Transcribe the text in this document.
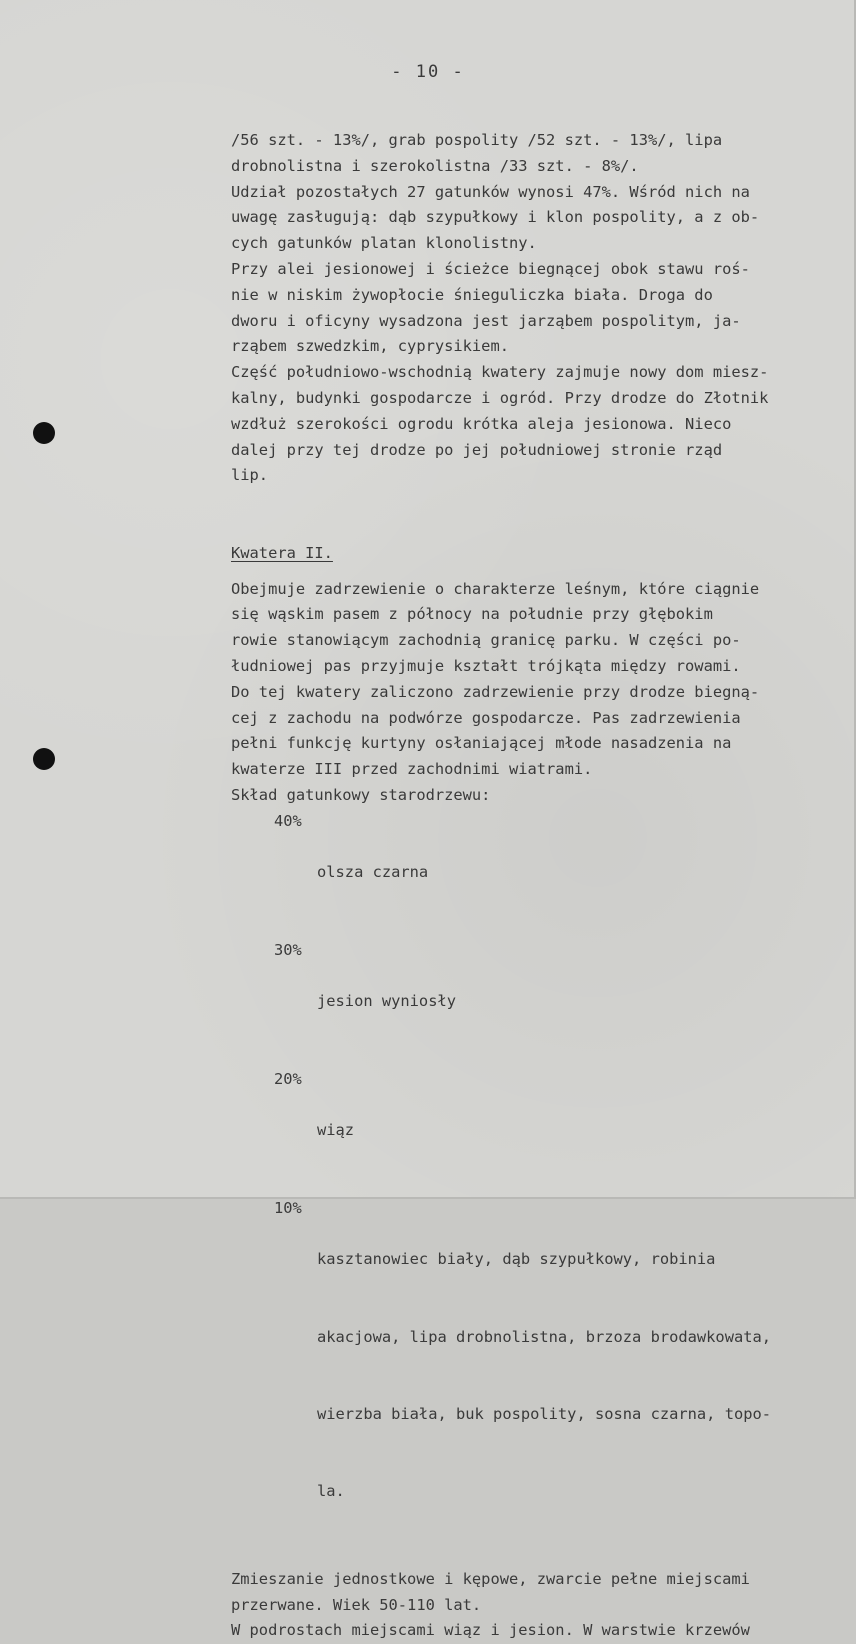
- 10 -
/56 szt. - 13%/, grab pospolity /52 szt. - 13%/, lipa
drobnolistna i szerokolistna /33 szt. - 8%/.
Udział pozostałych 27 gatunków wynosi 47%. Wśród nich na
uwagę zasługują: dąb szypułkowy i klon pospolity, a z ob-
cych gatunków platan klonolistny.
Przy alei jesionowej i ścieżce biegnącej obok stawu roś-
nie w niskim żywopłocie śnieguliczka biała. Droga do
dworu i oficyny wysadzona jest jarząbem pospolitym, ja-
rząbem szwedzkim, cyprysikiem.
Część południowo-wschodnią kwatery zajmuje nowy dom miesz-
kalny, budynki gospodarcze i ogród. Przy drodze do Złotnik
wzdłuż szerokości ogrodu krótka aleja jesionowa. Nieco
dalej przy tej drodze po jej południowej stronie rząd
lip.
Kwatera II.
Obejmuje zadrzewienie o charakterze leśnym, które ciągnie
się wąskim pasem z północy na południe przy głębokim
rowie stanowiącym zachodnią granicę parku. W części po-
łudniowej pas przyjmuje kształt trójkąta między rowami.
Do tej kwatery zaliczono zadrzewienie przy drodze biegną-
cej z zachodu na podwórze gospodarcze. Pas zadrzewienia
pełni funkcję kurtyny osłaniającej młode nasadzenia na
kwaterze III przed zachodnimi wiatrami.
Skład gatunkowy starodrzewu:
40%

olsza czarna

30%

jesion wyniosły

20%

wiąz

10%

kasztanowiec biały, dąb szypułkowy, robinia

akacjowa, lipa drobnolistna, brzoza brodawkowata,

wierzba biała, buk pospolity, sosna czarna, topo-

la.

Zmieszanie jednostkowe i kępowe, zwarcie pełne miejscami
przerwane. Wiek 50-110 lat.
W podrostach miejscami wiąz i jesion. W warstwie krzewów
